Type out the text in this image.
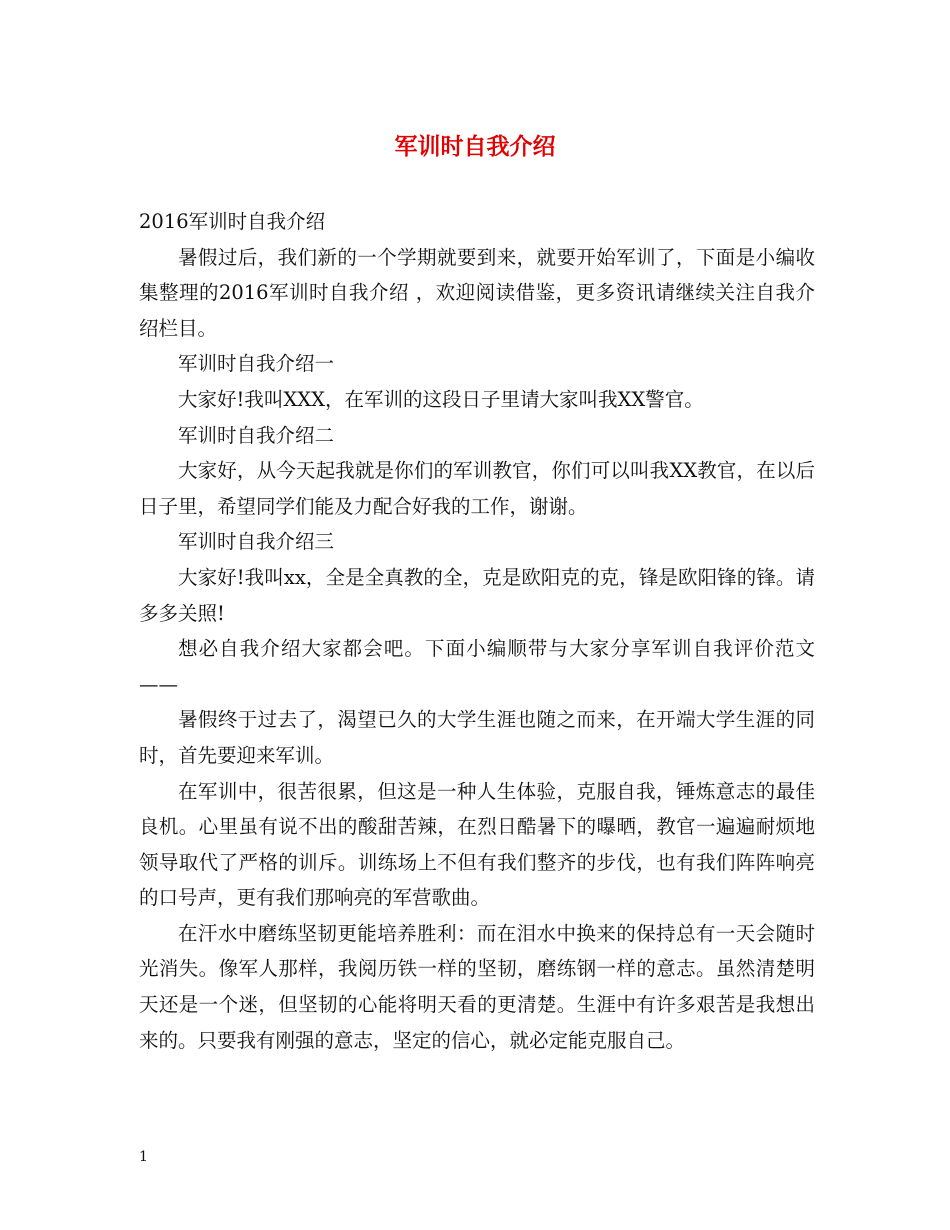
军训时自我介绍

2016军训时自我介绍

暑假过后，我们新的一个学期就要到来，就要开始军训了，下面是小编收集整理的2016军训时自我介绍 ，欢迎阅读借鉴，更多资讯请继续关注自我介绍栏目。

军训时自我介绍一

大家好!我叫XXX，在军训的这段日子里请大家叫我XX警官。

军训时自我介绍二

大家好，从今天起我就是你们的军训教官，你们可以叫我XX教官，在以后日子里，希望同学们能及力配合好我的工作，谢谢。

军训时自我介绍三

大家好!我叫xx，全是全真教的全，克是欧阳克的克，锋是欧阳锋的锋。请多多关照!

想必自我介绍大家都会吧。下面小编顺带与大家分享军训自我评价范文——

暑假终于过去了，渴望已久的大学生涯也随之而来，在开端大学生涯的同时，首先要迎来军训。

在军训中，很苦很累，但这是一种人生体验，克服自我，锤炼意志的最佳良机。心里虽有说不出的酸甜苦辣，在烈日酷暑下的曝晒，教官一遍遍耐烦地领导取代了严格的训斥。训练场上不但有我们整齐的步伐，也有我们阵阵响亮的口号声，更有我们那响亮的军营歌曲。

在汗水中磨练坚韧更能培养胜利：而在泪水中换来的保持总有一天会随时光消失。像军人那样，我阅历铁一样的坚韧，磨练钢一样的意志。虽然清楚明天还是一个迷，但坚韧的心能将明天看的更清楚。生涯中有许多艰苦是我想出来的。只要我有刚强的意志，坚定的信心，就必定能克服自己。

1
